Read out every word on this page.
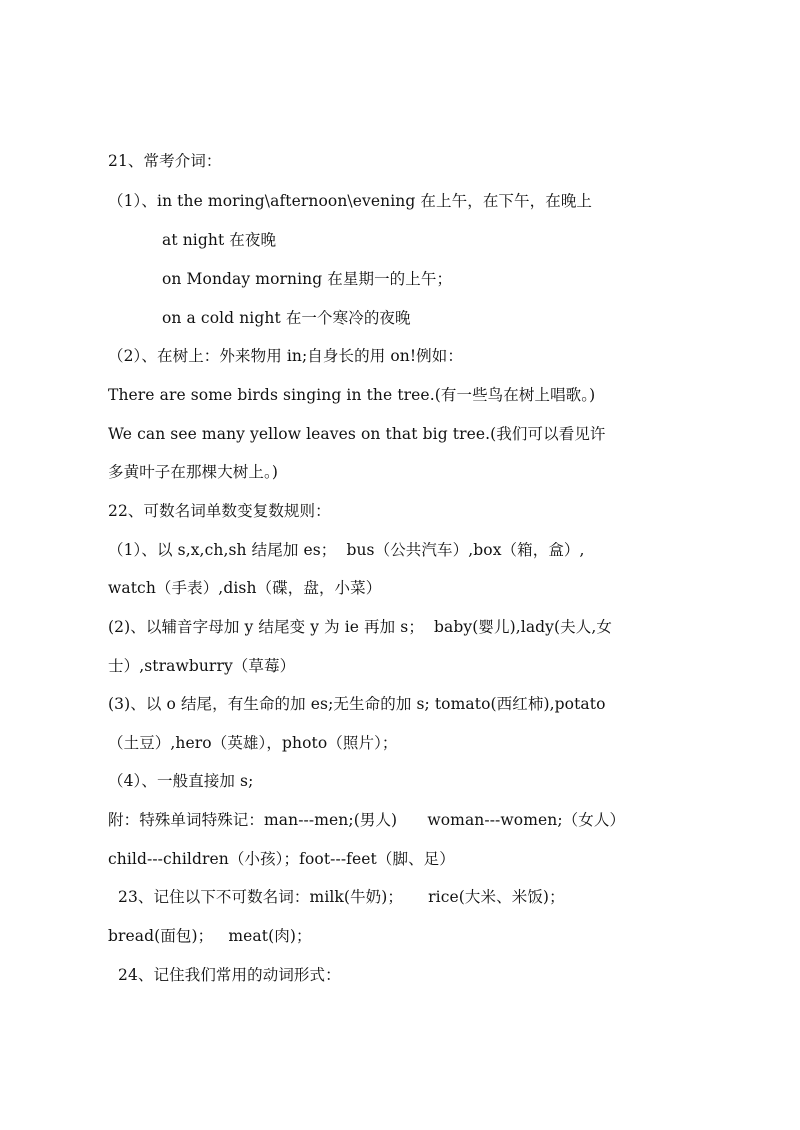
21、常考介词：
（1）、in the moring\afternoon\evening 在上午，在下午，在晚上
at night 在夜晚
on Monday morning 在星期一的上午；
on a cold night 在一个寒冷的夜晚
（2）、在树上：外来物用 in;自身长的用 on!例如：
There are some birds singing in the tree.(有一些鸟在树上唱歌。)
We can see many yellow leaves on that big tree.(我们可以看见许
多黄叶子在那棵大树上。)
22、可数名词单数变复数规则：
（1）、以 s,x,ch,sh 结尾加 es；  bus（公共汽车）,box（箱，盒）,
watch（手表）,dish（碟，盘，小菜）
(2)、以辅音字母加 y 结尾变 y 为 ie 再加 s；  baby(婴儿),lady(夫人,女
士）,strawburry（草莓）
(3)、以 o 结尾，有生命的加 es;无生命的加 s; tomato(西红柿),potato
（土豆）,hero（英雄），photo（照片）；
（4）、一般直接加 s;
附：特殊单词特殊记：man---men;(男人)      woman---women;（女人）
child---children（小孩）；foot---feet（脚、足）
23、记住以下不可数名词：milk(牛奶)；     rice(大米、米饭)；
bread(面包)；   meat(肉)；
24、记住我们常用的动词形式：
